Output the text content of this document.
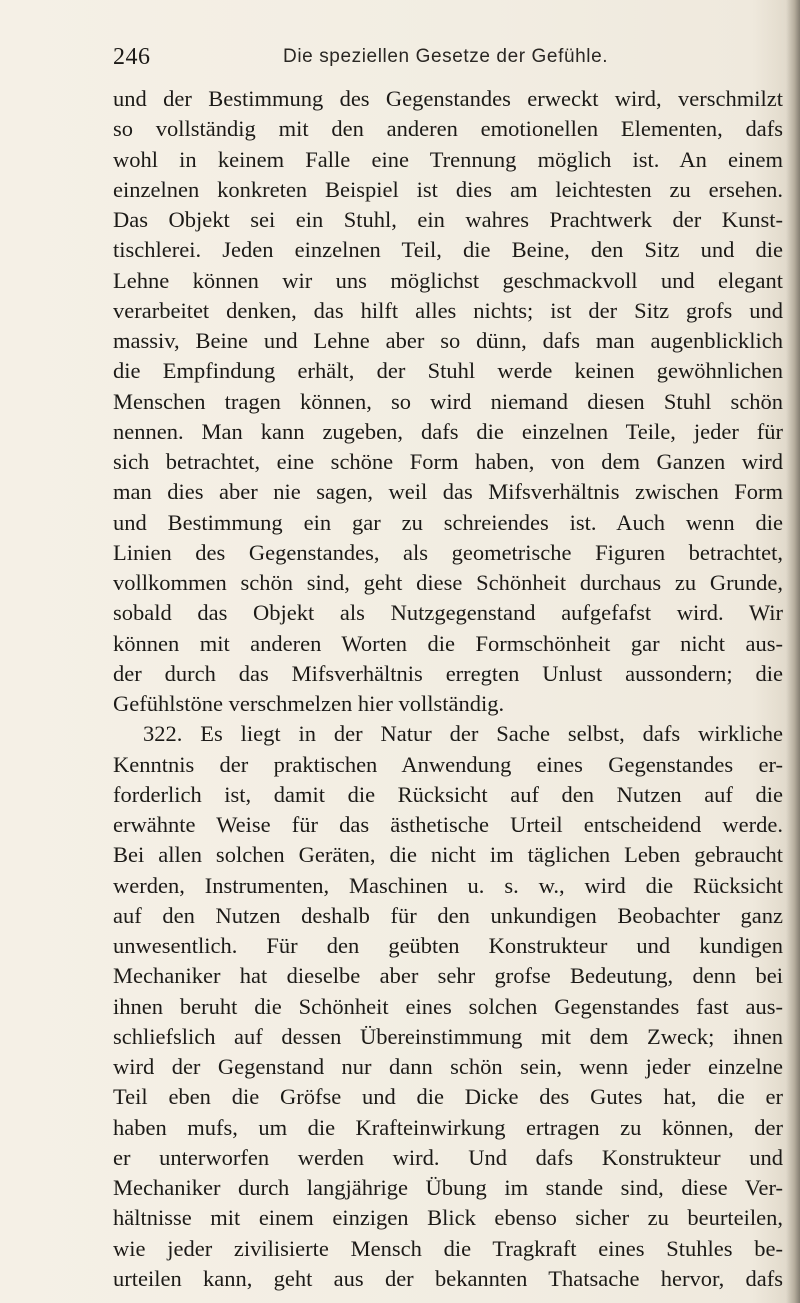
246	Die speziellen Gesetze der Gefühle.
und der Bestimmung des Gegenstandes erweckt wird, verschmilzt
so vollständig mit den anderen emotionellen Elementen, dafs
wohl in keinem Falle eine Trennung möglich ist. An einem
einzelnen konkreten Beispiel ist dies am leichtesten zu ersehen.
Das Objekt sei ein Stuhl, ein wahres Prachtwerk der Kunst-
tischlerei. Jeden einzelnen Teil, die Beine, den Sitz und die
Lehne können wir uns möglichst geschmackvoll und elegant
verarbeitet denken, das hilft alles nichts; ist der Sitz grofs und
massiv, Beine und Lehne aber so dünn, dafs man augenblicklich
die Empfindung erhält, der Stuhl werde keinen gewöhnlichen
Menschen tragen können, so wird niemand diesen Stuhl schön
nennen. Man kann zugeben, dafs die einzelnen Teile, jeder für
sich betrachtet, eine schöne Form haben, von dem Ganzen wird
man dies aber nie sagen, weil das Mifsverhältnis zwischen Form
und Bestimmung ein gar zu schreiendes ist. Auch wenn die
Linien des Gegenstandes, als geometrische Figuren betrachtet,
vollkommen schön sind, geht diese Schönheit durchaus zu Grunde,
sobald das Objekt als Nutzgegenstand aufgefafst wird. Wir
können mit anderen Worten die Formschönheit gar nicht aus-
der durch das Mifsverhältnis erregten Unlust aussondern; die
Gefühlstöne verschmelzen hier vollständig.
322. Es liegt in der Natur der Sache selbst, dafs wirkliche
Kenntnis der praktischen Anwendung eines Gegenstandes er-
forderlich ist, damit die Rücksicht auf den Nutzen auf die
erwähnte Weise für das ästhetische Urteil entscheidend werde.
Bei allen solchen Geräten, die nicht im täglichen Leben gebraucht
werden, Instrumenten, Maschinen u. s. w., wird die Rücksicht
auf den Nutzen deshalb für den unkundigen Beobachter ganz
unwesentlich. Für den geübten Konstrukteur und kundigen
Mechaniker hat dieselbe aber sehr grofse Bedeutung, denn bei
ihnen beruht die Schönheit eines solchen Gegenstandes fast aus-
schliefslich auf dessen Übereinstimmung mit dem Zweck; ihnen
wird der Gegenstand nur dann schön sein, wenn jeder einzelne
Teil eben die Gröfse und die Dicke des Gutes hat, die er
haben mufs, um die Krafteinwirkung ertragen zu können, der
er unterworfen werden wird. Und dafs Konstrukteur und
Mechaniker durch langjährige Übung im stande sind, diese Ver-
hältnisse mit einem einzigen Blick ebenso sicher zu beurteilen,
wie jeder zivilisierte Mensch die Tragkraft eines Stuhles be-
urteilen kann, geht aus der bekannten Thatsache hervor, dafs
